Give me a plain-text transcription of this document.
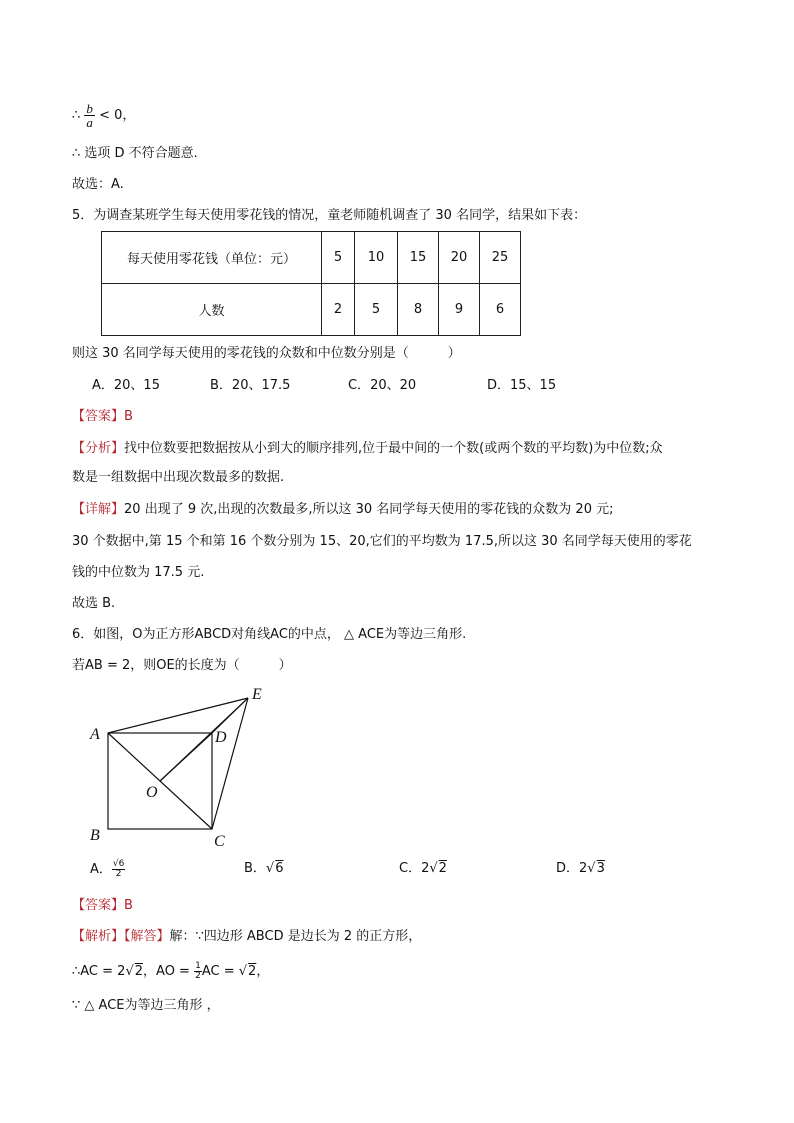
∴ $\frac{b}{a} < 0$，
∴ 选项 D 不符合题意.
故选：A.
5．为调查某班学生每天使用零花钱的情况，童老师随机调查了 30 名同学，结果如下表：
每天使用零花钱（单位：元）	5	10	15	20	25
人数	2	5	8	9	6
则这 30 名同学每天使用的零花钱的众数和中位数分别是（　　　）
A．20、15	B．20、17.5	C．20、20	D．15、15
【答案】B
【分析】找中位数要把数据按从小到大的顺序排列,位于最中间的一个数(或两个数的平均数)为中位数;众
数是一组数据中出现次数最多的数据.
【详解】20 出现了 9 次,出现的次数最多,所以这 30 名同学每天使用的零花钱的众数为 20 元;
30 个数据中,第 15 个和第 16 个数分别为 15、20,它们的平均数为 17.5,所以这 30 名同学每天使用的零花
钱的中位数为 17.5 元.
故选 B.
6．如图，O为正方形ABCD对角线AC的中点， △ ACE为等边三角形.
若AB = 2，则OE的长度为（　　　）
A
B	C
D
E
O
A． $\frac{√6}{2}$	B．√6	C．2√2	D．2√3
【答案】B
【解析】【解答】解：∵四边形 ABCD 是边长为 2 的正方形，
∴AC = 2√2，AO = $\frac{1}{2}$ AC = √2，
∵ △ ACE为等边三角形 ，
